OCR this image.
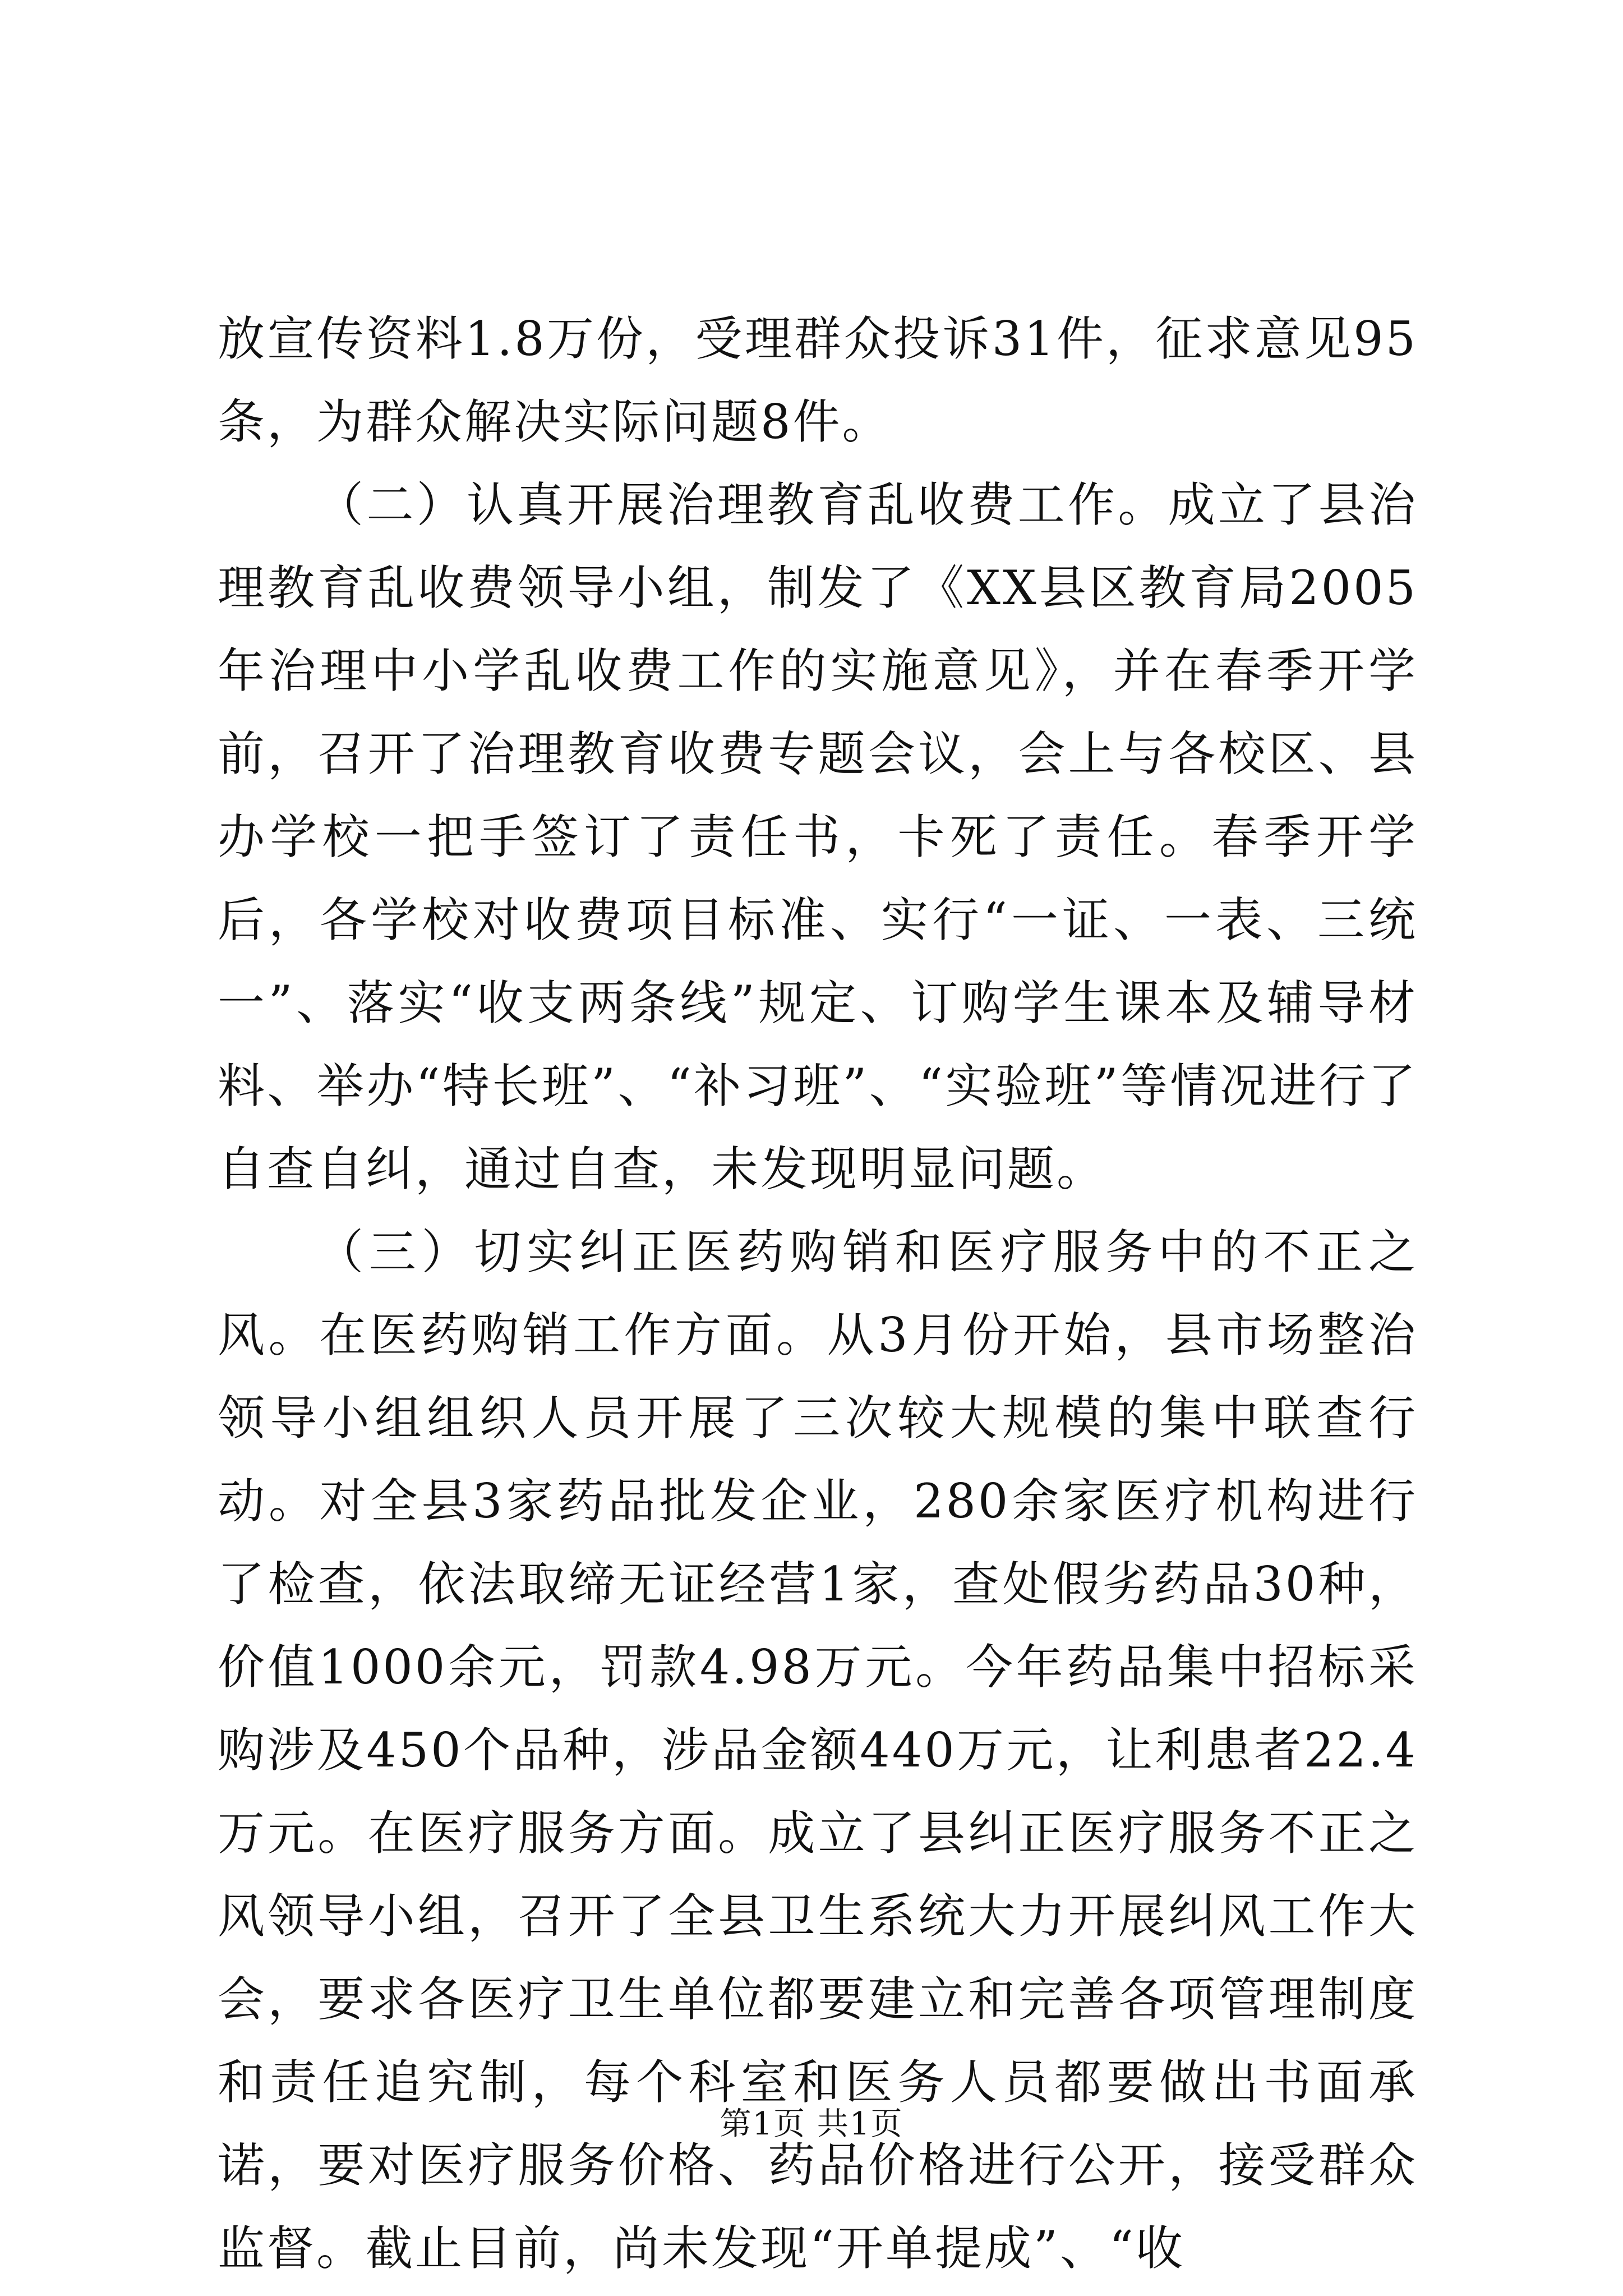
放宣传资料1.8万份，受理群众投诉31件，征求意见95条，为群众解决实际问题8件。

（二）认真开展治理教育乱收费工作。成立了县治理教育乱收费领导小组，制发了《XX县区教育局2005年治理中小学乱收费工作的实施意见》，并在春季开学前，召开了治理教育收费专题会议，会上与各校区、县办学校一把手签订了责任书，卡死了责任。春季开学后，各学校对收费项目标准、实行“一证、一表、三统一”、落实“收支两条线”规定、订购学生课本及辅导材料、举办“特长班”、“补习班”、“实验班”等情况进行了自查自纠，通过自查，未发现明显问题。

（三）切实纠正医药购销和医疗服务中的不正之风。在医药购销工作方面。从3月份开始，县市场整治领导小组组织人员开展了三次较大规模的集中联查行动。对全县3家药品批发企业，280余家医疗机构进行了检查，依法取缔无证经营1家，查处假劣药品30种，价值1000余元，罚款4.98万元。今年药品集中招标采购涉及450个品种，涉品金额440万元，让利患者22.4万元。在医疗服务方面。成立了县纠正医疗服务不正之风领导小组，召开了全县卫生系统大力开展纠风工作大会，要求各医疗卫生单位都要建立和完善各项管理制度和责任追究制，每个科室和医务人员都要做出书面承诺，要对医疗服务价格、药品价格进行公开，接受群众监督。截止目前，尚未发现“开单提成”、“收

第1页 共1页
